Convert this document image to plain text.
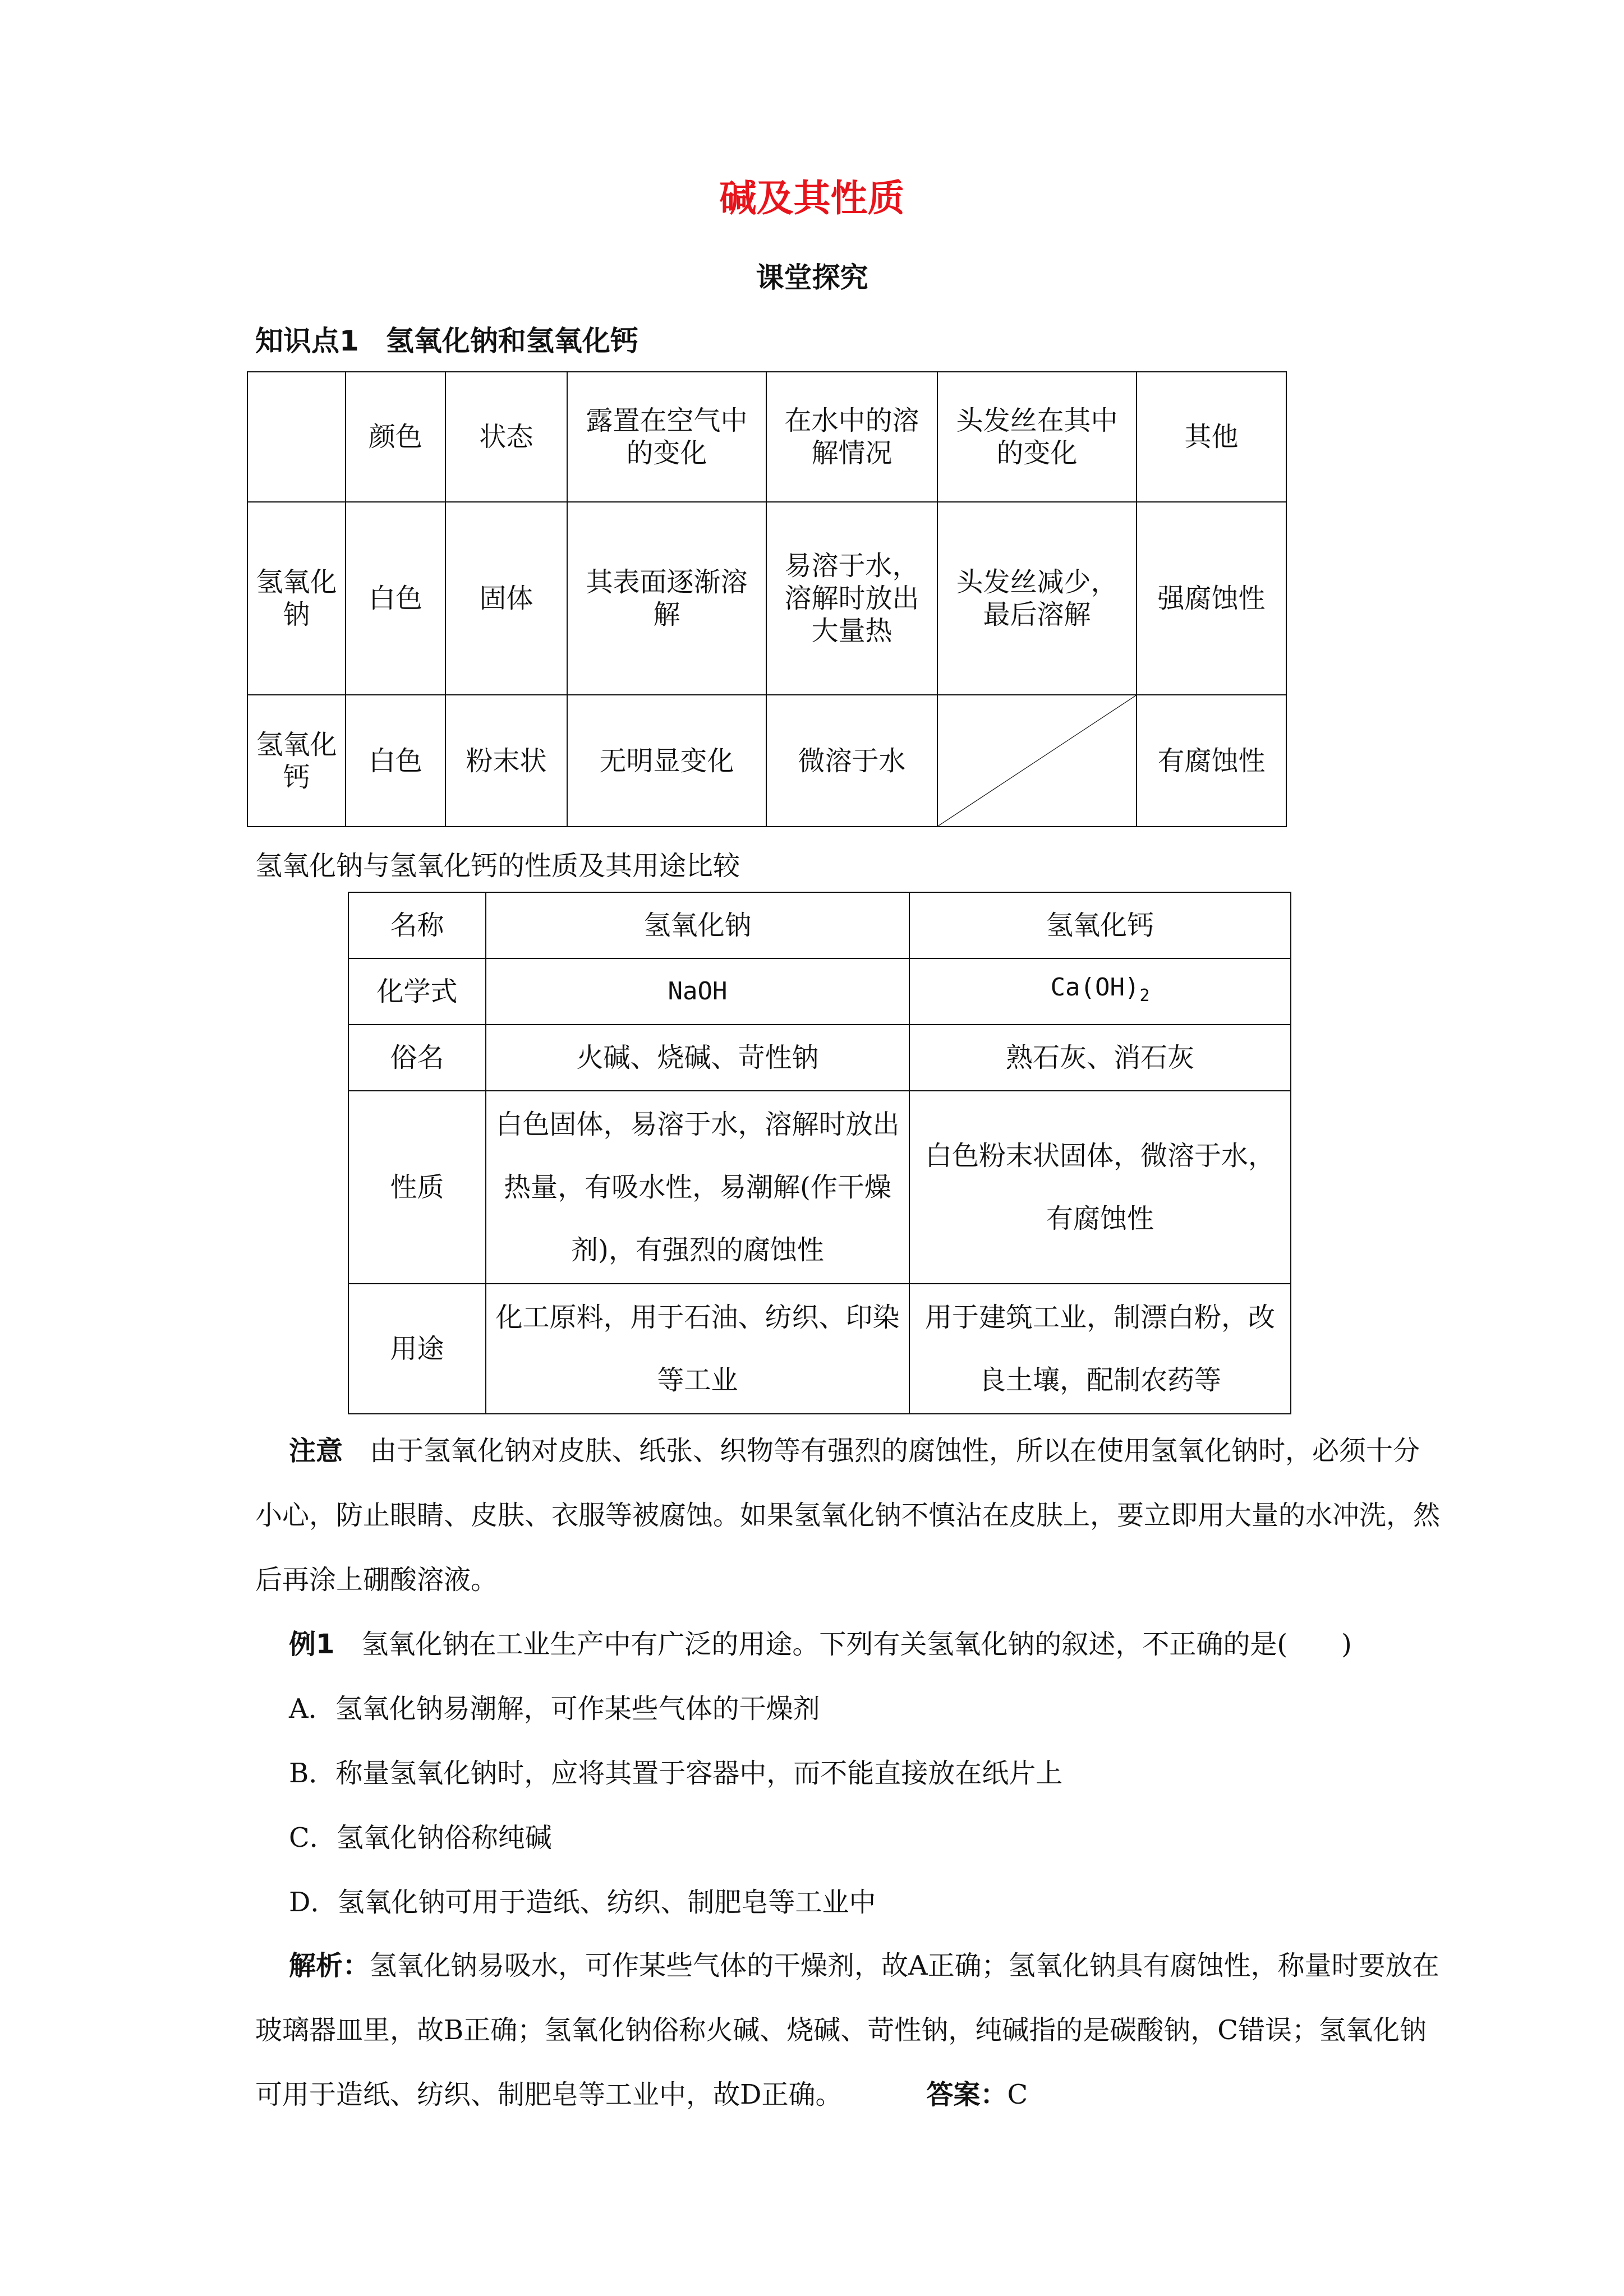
碱及其性质
课堂探究
知识点1 氢氧化钠和氢氧化钙
	颜色	状态	露置在空气中的变化	在水中的溶解情况	头发丝在其中的变化	其他
氢氧化钠	白色	固体	其表面逐渐溶解	易溶于水，溶解时放出大量热	头发丝减少，最后溶解	强腐蚀性
氢氧化钙	白色	粉末状	无明显变化	微溶于水		有腐蚀性
氢氧化钠与氢氧化钙的性质及其用途比较
名称	氢氧化钠	氢氧化钙
化学式	NaOH	$Ca(OH)_2$
俗名	火碱、烧碱、苛性钠	熟石灰、消石灰
性质	白色固体，易溶于水，溶解时放出热量，有吸水性，易潮解(作干燥剂)，有强烈的腐蚀性	白色粉末状固体，微溶于水，有腐蚀性
用途	化工原料，用于石油、纺织、印染等工业	用于建筑工业，制漂白粉，改良土壤，配制农药等
注意　 由于氢氧化钠对皮肤、纸张、织物等有强烈的腐蚀性，所以在使用氢氧化钠时，必须十分小心，防止眼睛、皮肤、衣服等被腐蚀。如果氢氧化钠不慎沾在皮肤上，要立即用大量的水冲洗，然后再涂上硼酸溶液。
例1　 氢氧化钠在工业生产中有广泛的用途。下列有关氢氧化钠的叙述，不正确的是(　　)
A．氢氧化钠易潮解，可作某些气体的干燥剂
B．称量氢氧化钠时，应将其置于容器中，而不能直接放在纸片上
C．氢氧化钠俗称纯碱
D．氢氧化钠可用于造纸、纺织、制肥皂等工业中
解析：氢氧化钠易吸水，可作某些气体的干燥剂，故A正确；氢氧化钠具有腐蚀性，称量时要放在玻璃器皿里，故B正确；氢氧化钠俗称火碱、烧碱、苛性钠，纯碱指的是碳酸钠，C错误；氢氧化钠可用于造纸、纺织、制肥皂等工业中，故D正确。	答案：C
